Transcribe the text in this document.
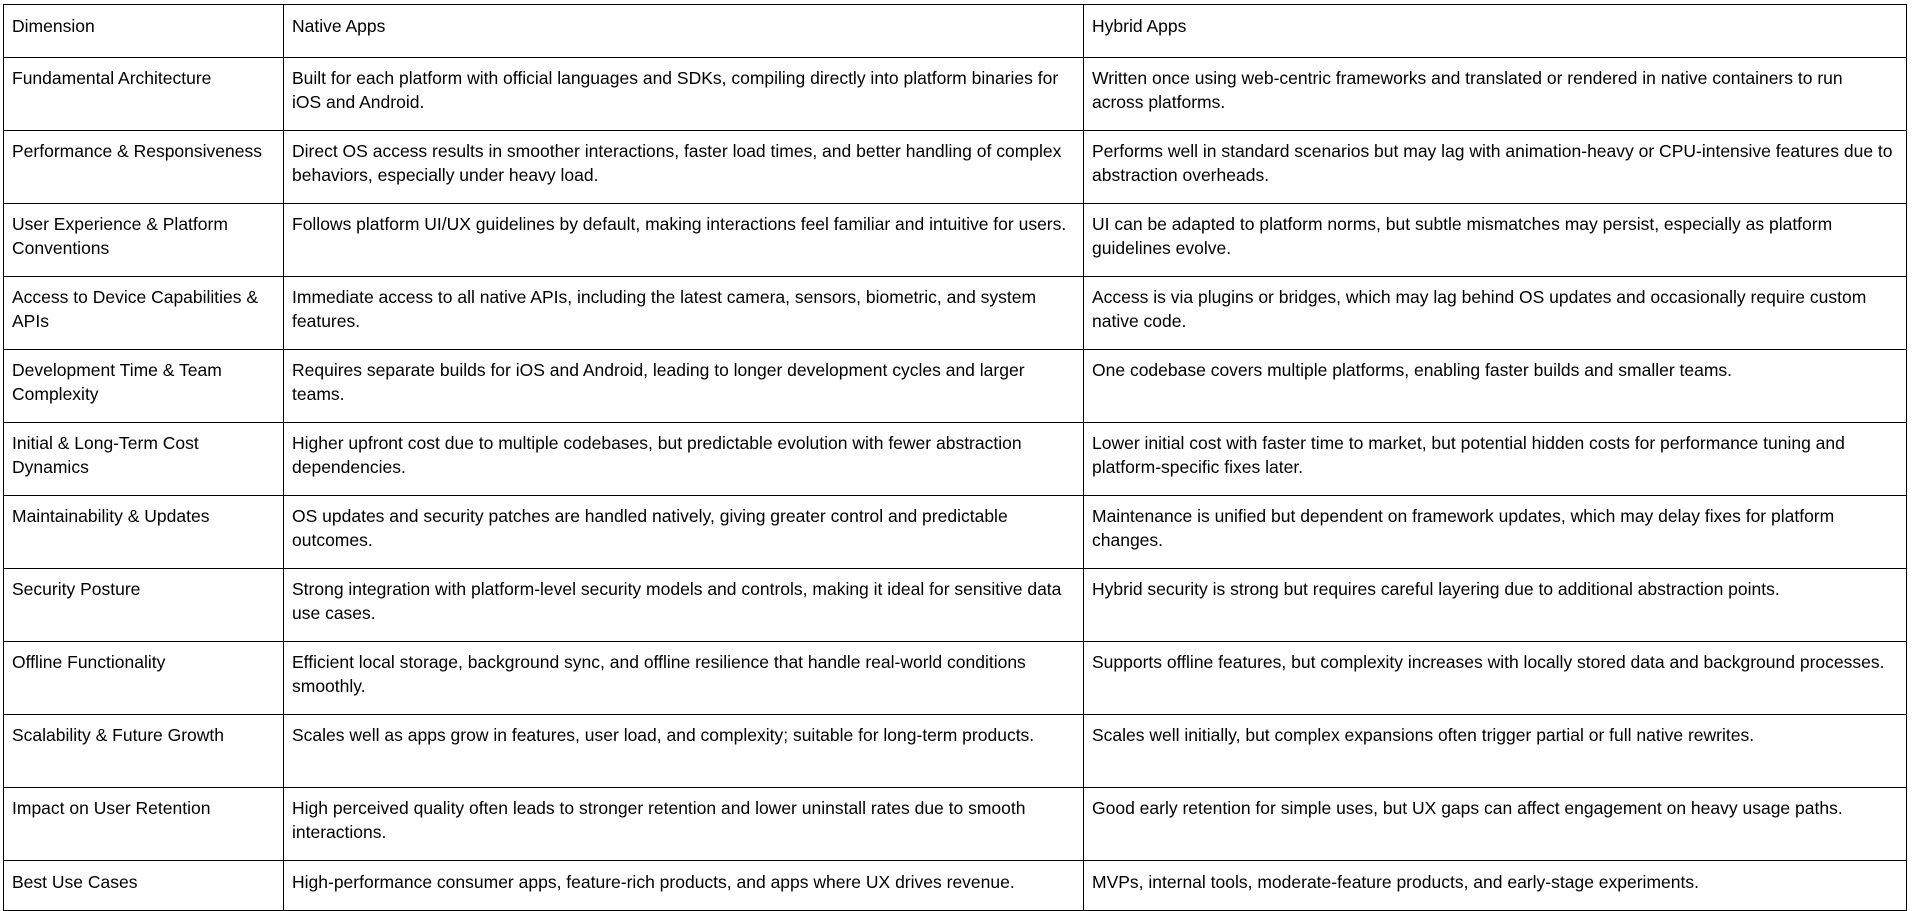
Dimension	Native Apps	Hybrid Apps
Fundamental Architecture	Built for each platform with official languages and SDKs, compiling directly into platform binaries for iOS and Android.	Written once using web-centric frameworks and translated or rendered in native containers to run across platforms.
Performance & Responsiveness	Direct OS access results in smoother interactions, faster load times, and better handling of complex behaviors, especially under heavy load.	Performs well in standard scenarios but may lag with animation-heavy or CPU-intensive features due to abstraction overheads.
User Experience & Platform Conventions	Follows platform UI/UX guidelines by default, making interactions feel familiar and intuitive for users.	UI can be adapted to platform norms, but subtle mismatches may persist, especially as platform guidelines evolve.
Access to Device Capabilities & APIs	Immediate access to all native APIs, including the latest camera, sensors, biometric, and system features.	Access is via plugins or bridges, which may lag behind OS updates and occasionally require custom native code.
Development Time & Team Complexity	Requires separate builds for iOS and Android, leading to longer development cycles and larger teams.	One codebase covers multiple platforms, enabling faster builds and smaller teams.
Initial & Long-Term Cost Dynamics	Higher upfront cost due to multiple codebases, but predictable evolution with fewer abstraction dependencies.	Lower initial cost with faster time to market, but potential hidden costs for performance tuning and platform-specific fixes later.
Maintainability & Updates	OS updates and security patches are handled natively, giving greater control and predictable outcomes.	Maintenance is unified but dependent on framework updates, which may delay fixes for platform changes.
Security Posture	Strong integration with platform-level security models and controls, making it ideal for sensitive data use cases.	Hybrid security is strong but requires careful layering due to additional abstraction points.
Offline Functionality	Efficient local storage, background sync, and offline resilience that handle real-world conditions smoothly.	Supports offline features, but complexity increases with locally stored data and background processes.
Scalability & Future Growth	Scales well as apps grow in features, user load, and complexity; suitable for long-term products.	Scales well initially, but complex expansions often trigger partial or full native rewrites.
Impact on User Retention	High perceived quality often leads to stronger retention and lower uninstall rates due to smooth interactions.	Good early retention for simple uses, but UX gaps can affect engagement on heavy usage paths.
Best Use Cases	High-performance consumer apps, feature-rich products, and apps where UX drives revenue.	MVPs, internal tools, moderate-feature products, and early-stage experiments.
